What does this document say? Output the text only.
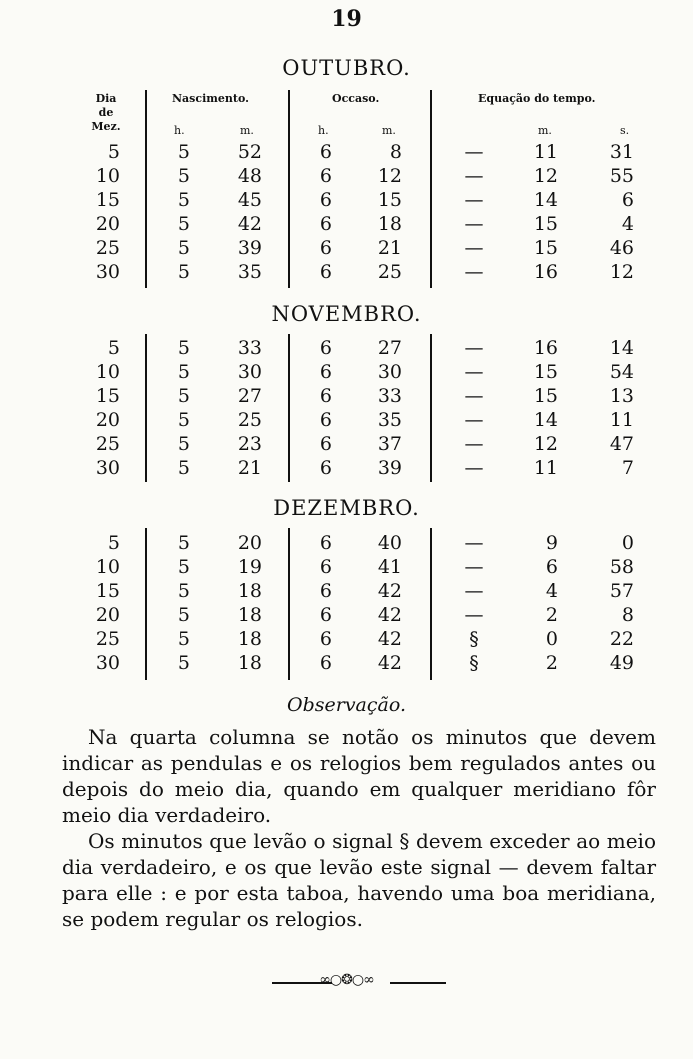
19
Dia
de Mez.
Nascimento.	Occaso.	Equação do tempo.
h.	m.	h.	m.	m.	s.
OUTUBRO.
NOVEMBRO.
DEZEMBRO.
5	5	52	6	8	—	11	31
10	5	48	6	12	—	12	55
15	5	45	6	15	—	14	6
20	5	42	6	18	—	15	4
25	5	39	6	21	—	15	46
30	5	35	6	25	—	16	12
5	5	33	6	27	—	16	14
10	5	30	6	30	—	15	54
15	5	27	6	33	—	15	13
20	5	25	6	35	—	14	11
25	5	23	6	37	—	12	47
30	5	21	6	39	—	11	7
5	5	20	6	40	—	9	0
10	5	19	6	41	—	6	58
15	5	18	6	42	—	4	57
20	5	18	6	42	—	2	8
25	5	18	6	42	§	0	22
30	5	18	6	42	§	2	49
Observação.

Na quarta columna se notão os minutos que devem indicar as pendulas e os relogios bem regulados antes ou depois do meio dia, quando em qualquer meridiano fôr meio dia verdadeiro.

Os minutos que levão o signal § devem exceder ao meio dia verdadeiro, e os que levão este signal — devem faltar para elle : e por esta taboa, havendo uma boa meridiana, se podem regular os relogios.

∞○❂○∞
